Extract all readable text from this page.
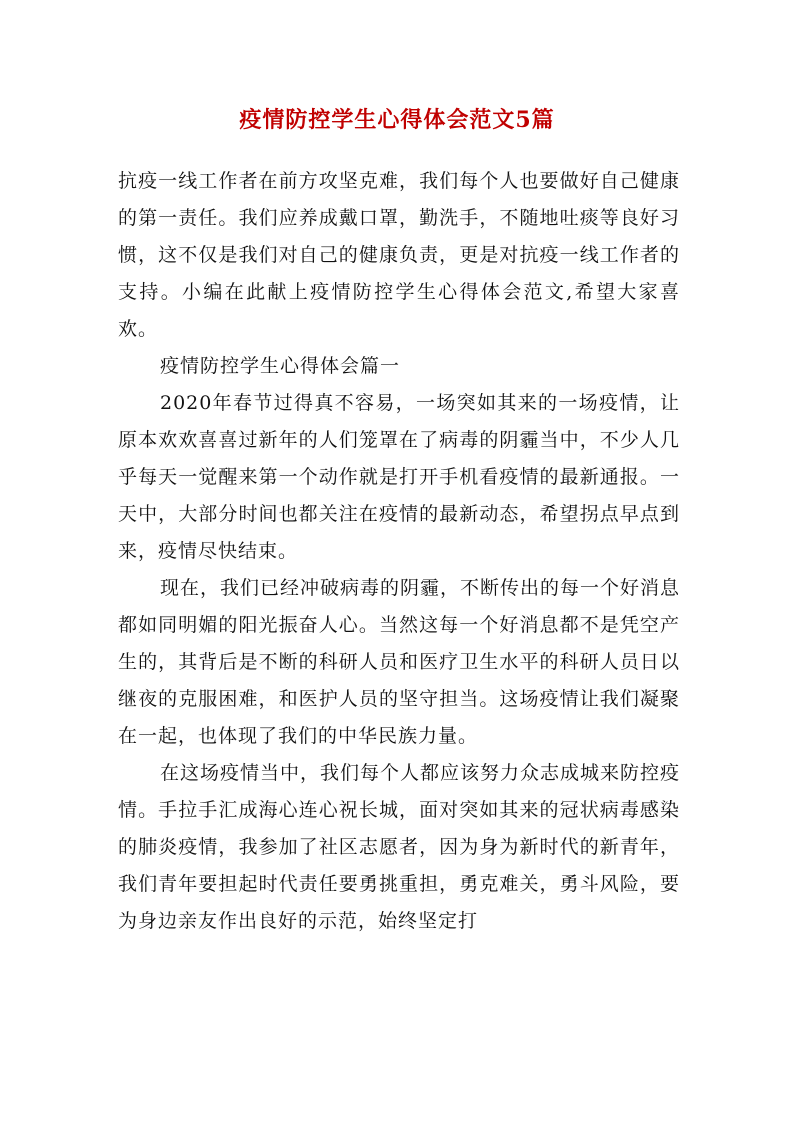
疫情防控学生心得体会范文5篇

抗疫一线工作者在前方攻坚克难，我们每个人也要做好自己健康的第一责任。我们应养成戴口罩，勤洗手，不随地吐痰等良好习惯，这不仅是我们对自己的健康负责，更是对抗疫一线工作者的支持。小编在此献上疫情防控学生心得体会范文,希望大家喜欢。

疫情防控学生心得体会篇一

2020年春节过得真不容易，一场突如其来的一场疫情，让原本欢欢喜喜过新年的人们笼罩在了病毒的阴霾当中，不少人几乎每天一觉醒来第一个动作就是打开手机看疫情的最新通报。一天中，大部分时间也都关注在疫情的最新动态，希望拐点早点到来，疫情尽快结束。

现在，我们已经冲破病毒的阴霾，不断传出的每一个好消息都如同明媚的阳光振奋人心。当然这每一个好消息都不是凭空产生的，其背后是不断的科研人员和医疗卫生水平的科研人员日以继夜的克服困难，和医护人员的坚守担当。这场疫情让我们凝聚在一起，也体现了我们的中华民族力量。

在这场疫情当中，我们每个人都应该努力众志成城来防控疫情。手拉手汇成海心连心祝长城，面对突如其来的冠状病毒感染的肺炎疫情，我参加了社区志愿者，因为身为新时代的新青年，我们青年要担起时代责任要勇挑重担，勇克难关，勇斗风险，要为身边亲友作出良好的示范，始终坚定打
